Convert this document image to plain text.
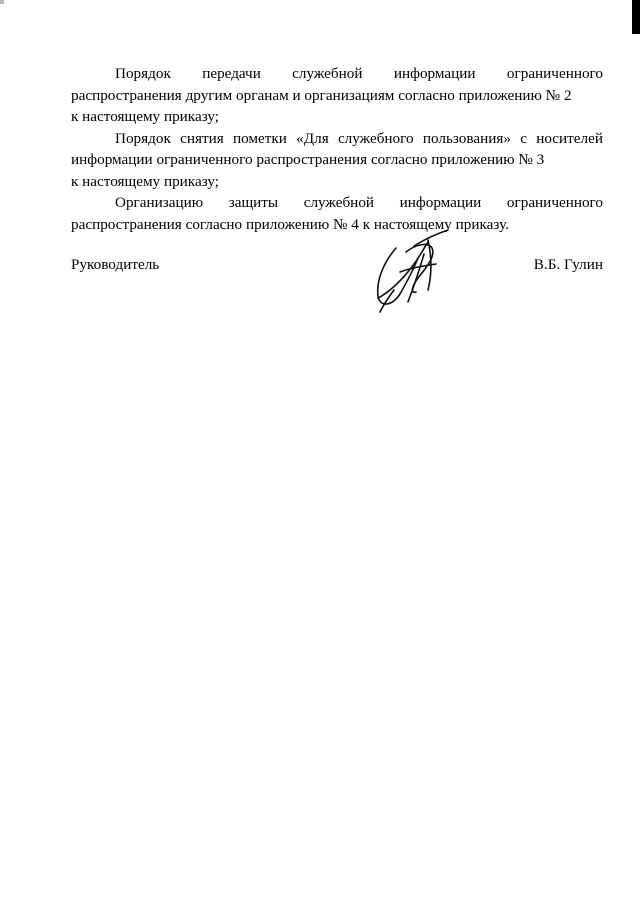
Порядок передачи служебной информации ограниченного распространения другим органам и организациям согласно приложению № 2
к настоящему приказу;

Порядок снятия пометки «Для служебного пользования» с носителей информации ограниченного распространения согласно приложению № 3
к настоящему приказу;

Организацию защиты служебной информации ограниченного распространения согласно приложению № 4 к настоящему приказу.

Руководитель	В.Б. Гулин
